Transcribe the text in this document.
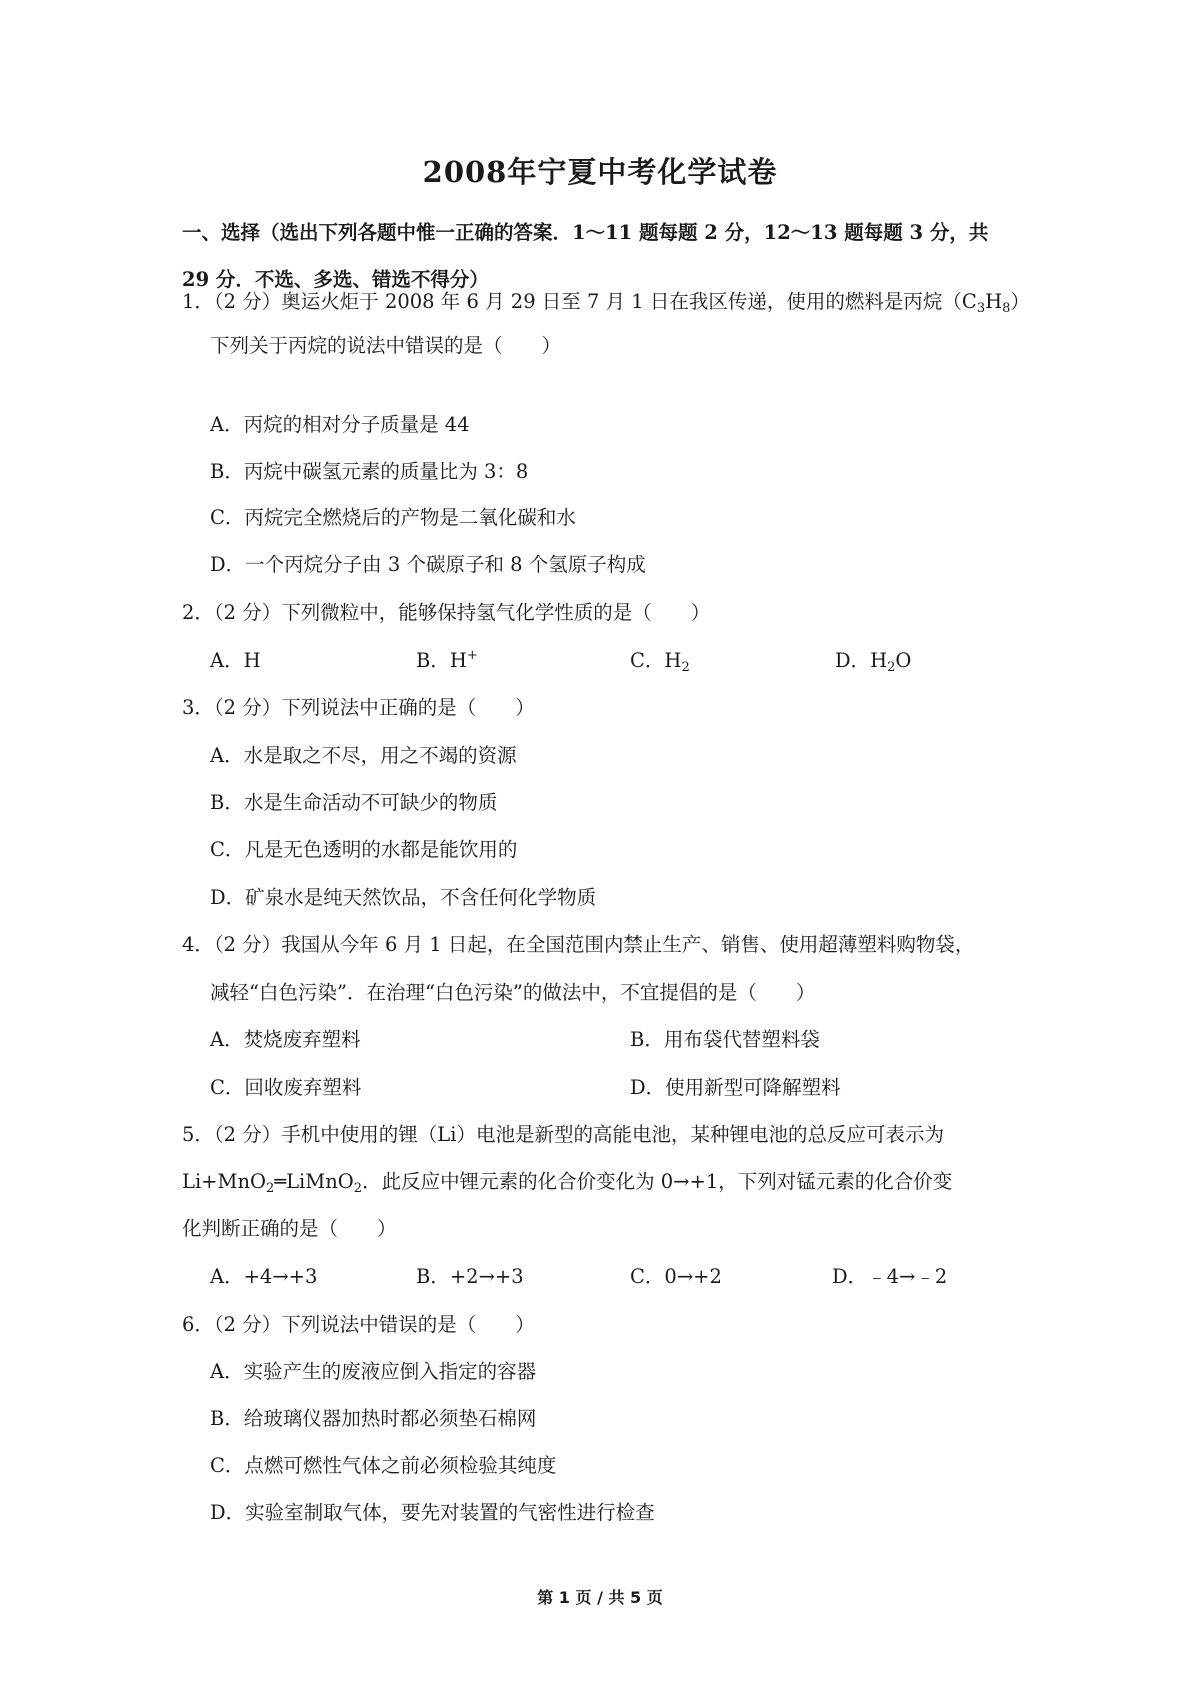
2008年宁夏中考化学试卷
一、选择（选出下列各题中惟一正确的答案．1～11 题每题 2 分，12～13 题每题 3 分，共
29 分．不选、多选、错选不得分）
1．（2 分）奥运火炬于 2008 年 6 月 29 日至 7 月 1 日在我区传递，使用的燃料是丙烷$(C_3H_8)$
下列关于丙烷的说法中错误的是（　　）
A．丙烷的相对分子质量是 44
B．丙烷中碳氢元素的质量比为 3：8
C．丙烷完全燃烧后的产物是二氧化碳和水
D．一个丙烷分子由 3 个碳原子和 8 个氢原子构成
2．（2 分）下列微粒中，能够保持氢气化学性质的是（　　）
A．H	B．H+	C．$H_2$	D．$H_2O$
3．（2 分）下列说法中正确的是（　　）
A．水是取之不尽，用之不竭的资源
B．水是生命活动不可缺少的物质
C．凡是无色透明的水都是能饮用的
D．矿泉水是纯天然饮品，不含任何化学物质
4．（2 分）我国从今年 6 月 1 日起，在全国范围内禁止生产、销售、使用超薄塑料购物袋，
减轻“白色污染”．在治理“白色污染”的做法中，不宜提倡的是（　　）
A．焚烧废弃塑料	B．用布袋代替塑料袋
C．回收废弃塑料	D．使用新型可降解塑料
5．（2 分）手机中使用的锂（Li）电池是新型的高能电池，某种锂电池的总反应可表示为
Li+MnO$_2$═LiMnO$_2$．此反应中锂元素的化合价变化为 0→+1，下列对锰元素的化合价变
化判断正确的是（　　）
A．+4→+3	B．+2→+3	C．0→+2	D．﹣4→﹣2
6．（2 分）下列说法中错误的是（　　）
A．实验产生的废液应倒入指定的容器
B．给玻璃仪器加热时都必须垫石棉网
C．点燃可燃性气体之前必须检验其纯度
D．实验室制取气体，要先对装置的气密性进行检查
第 1 页 / 共 5 页
